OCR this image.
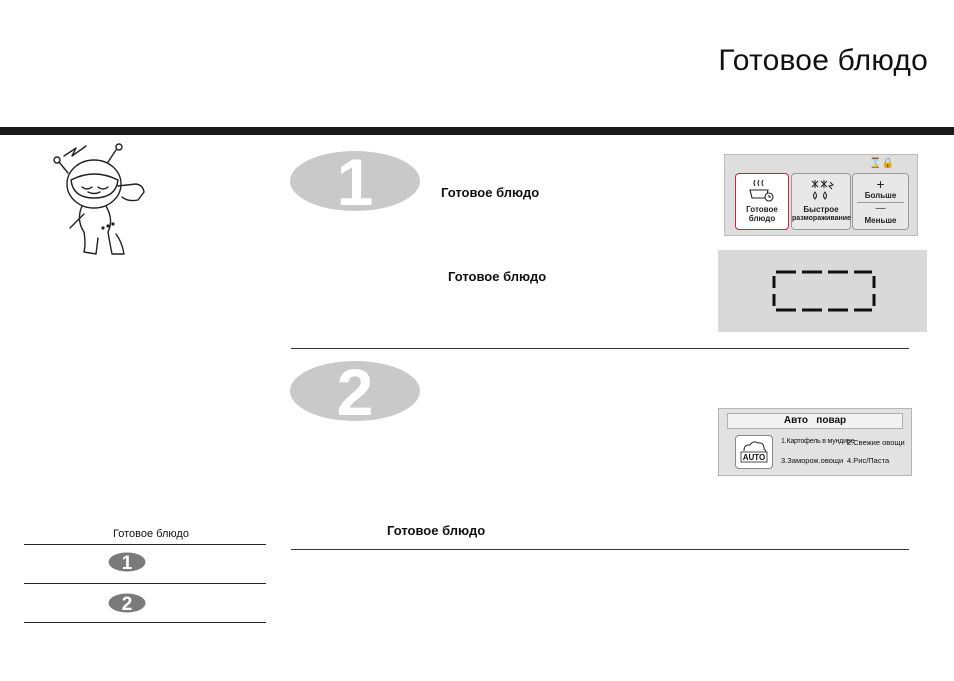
Готовое блюдо
1	Готовое блюдо
Готовое блюдо
⌛🔒
Готовое
блюдо
Быстрое
размораживание
+
Больше
—
Меньше
2	Авто   повар
AUTO
1.Картофель в мундире
2.Свежие овощи
3.Заморож.овощи 4.Рис/Паста
Готовое блюдо
Готовое блюдо
1
2
